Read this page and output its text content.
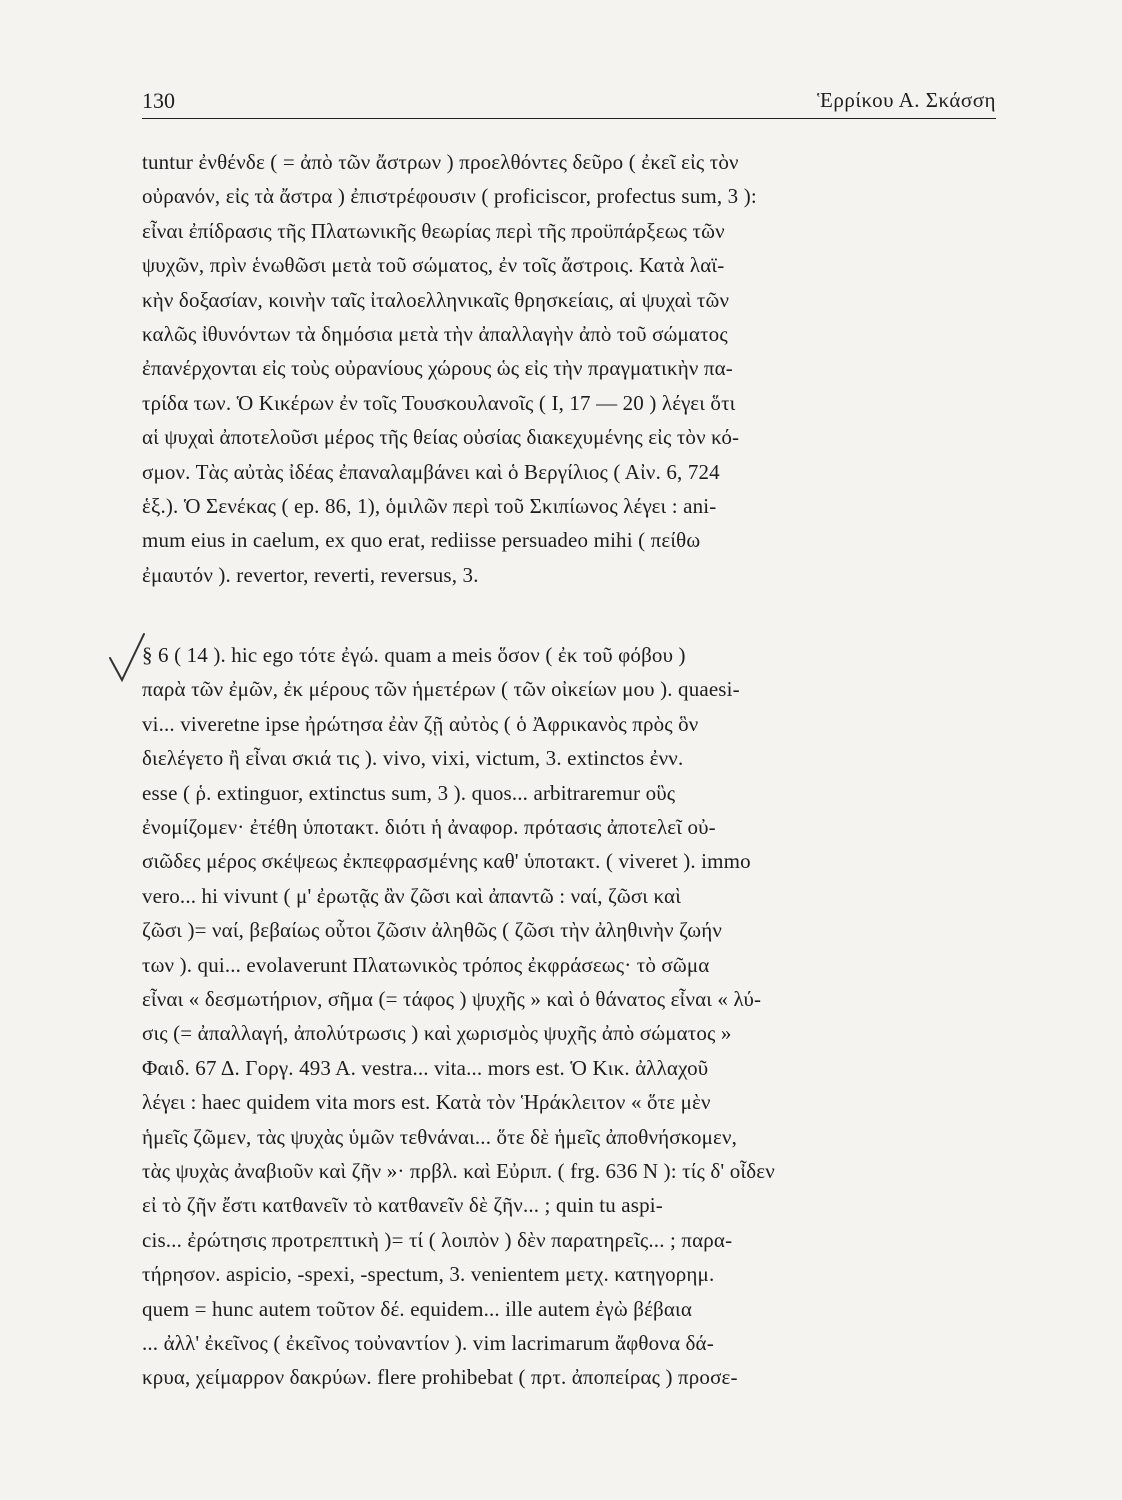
130	Ἑρρίκου Α. Σκάσση
tuntur ἐνθένδε ( = ἀπὸ τῶν ἄστρων ) προελθόντες δεῦρο ( ἐκεῖ εἰς τὸν
οὐρανόν, εἰς τὰ ἄστρα ) ἐπιστρέφουσιν ( proficiscor, profectus sum, 3 ):
εἶναι ἐπίδρασις τῆς Πλατωνικῆς θεωρίας περὶ τῆς προϋπάρξεως τῶν
ψυχῶν, πρὶν ἑνωθῶσι μετὰ τοῦ σώματος, ἐν τοῖς ἄστροις. Κατὰ λαϊ-
κὴν δοξασίαν, κοινὴν ταῖς ἰταλοελληνικαῖς θρησκείαις, αἱ ψυχαὶ τῶν
καλῶς ἰθυνόντων τὰ δημόσια μετὰ τὴν ἀπαλλαγὴν ἀπὸ τοῦ σώματος
ἐπανέρχονται εἰς τοὺς οὐρανίους χώρους ὡς εἰς τὴν πραγματικὴν πα-
τρίδα των. Ὁ Κικέρων ἐν τοῖς Τουσκουλανοῖς ( I, 17 — 20 ) λέγει ὅτι
αἱ ψυχαὶ ἀποτελοῦσι μέρος τῆς θείας οὐσίας διακεχυμένης εἰς τὸν κό-
σμον. Τὰς αὐτὰς ἰδέας ἐπαναλαμβάνει καὶ ὁ Βεργίλιος ( Αἰν. 6, 724
ἑξ.). Ὁ Σενέκας ( ep. 86, 1), ὁμιλῶν περὶ τοῦ Σκιπίωνος λέγει : ani-
mum eius in caelum, ex quo erat, rediisse persuadeo mihi ( πείθω
ἐμαυτόν ). revertor, reverti, reversus, 3.
§ 6 ( 14 ). hic ego τότε ἐγώ. quam a meis ὅσον ( ἐκ τοῦ φόβου )
παρὰ τῶν ἐμῶν, ἐκ μέρους τῶν ἡμετέρων ( τῶν οἰκείων μου ). quaesi-
vi... viveretne ipse ἠρώτησα ἐὰν ζῇ αὐτὸς ( ὁ Ἀφρικανὸς πρὸς ὃν
διελέγετο ἢ εἶναι σκιά τις ). vivo, vixi, victum, 3. extinctos ἐνν.
esse ( ῥ. extinguor, extinctus sum, 3 ). quos... arbitraremur οὓς
ἐνομίζομεν· ἐτέθη ὑποτακτ. διότι ἡ ἀναφορ. πρότασις ἀποτελεῖ οὐ-
σιῶδες μέρος σκέψεως ἐκπεφρασμένης καθ' ὑποτακτ. ( viveret ). immo
vero... hi vivunt ( μ' ἐρωτᾷς ἂν ζῶσι καὶ ἀπαντῶ : ναί, ζῶσι καὶ
ζῶσι )= ναί, βεβαίως οὗτοι ζῶσιν ἀληθῶς ( ζῶσι τὴν ἀληθινὴν ζωήν
των ). qui... evolaverunt Πλατωνικὸς τρόπος ἐκφράσεως· τὸ σῶμα
εἶναι « δεσμωτήριον, σῆμα (= τάφος ) ψυχῆς » καὶ ὁ θάνατος εἶναι « λύ-
σις (= ἀπαλλαγή, ἀπολύτρωσις ) καὶ χωρισμὸς ψυχῆς ἀπὸ σώματος »
Φαιδ. 67 Δ. Γοργ. 493 Α. vestra... vita... mors est. Ὁ Κικ. ἀλλαχοῦ
λέγει : haec quidem vita mors est. Κατὰ τὸν Ἡράκλειτον « ὅτε μὲν
ἡμεῖς ζῶμεν, τὰς ψυχὰς ὑμῶν τεθνάναι... ὅτε δὲ ἡμεῖς ἀποθνήσκομεν,
τὰς ψυχὰς ἀναβιοῦν καὶ ζῆν »· πρβλ. καὶ Εὐριπ. ( frg. 636 N ): τίς δ' οἶδεν
εἰ τὸ ζῆν ἔστι κατθανεῖν τὸ κατθανεῖν δὲ ζῆν... ; quin tu aspi-
cis... ἐρώτησις προτρεπτικὴ )= τί ( λοιπὸν ) δὲν παρατηρεῖς... ; παρα-
τήρησον. aspicio, -spexi, -spectum, 3. venientem μετχ. κατηγορημ.
quem = hunc autem τοῦτον δέ. equidem... ille autem ἐγὼ βέβαια
... ἀλλ' ἐκεῖνος ( ἐκεῖνος τοὐναντίον ). vim lacrimarum ἄφθονα δά-
κρυα, χείμαρρον δακρύων. flere prohibebat ( πρτ. ἀποπείρας ) προσε-
